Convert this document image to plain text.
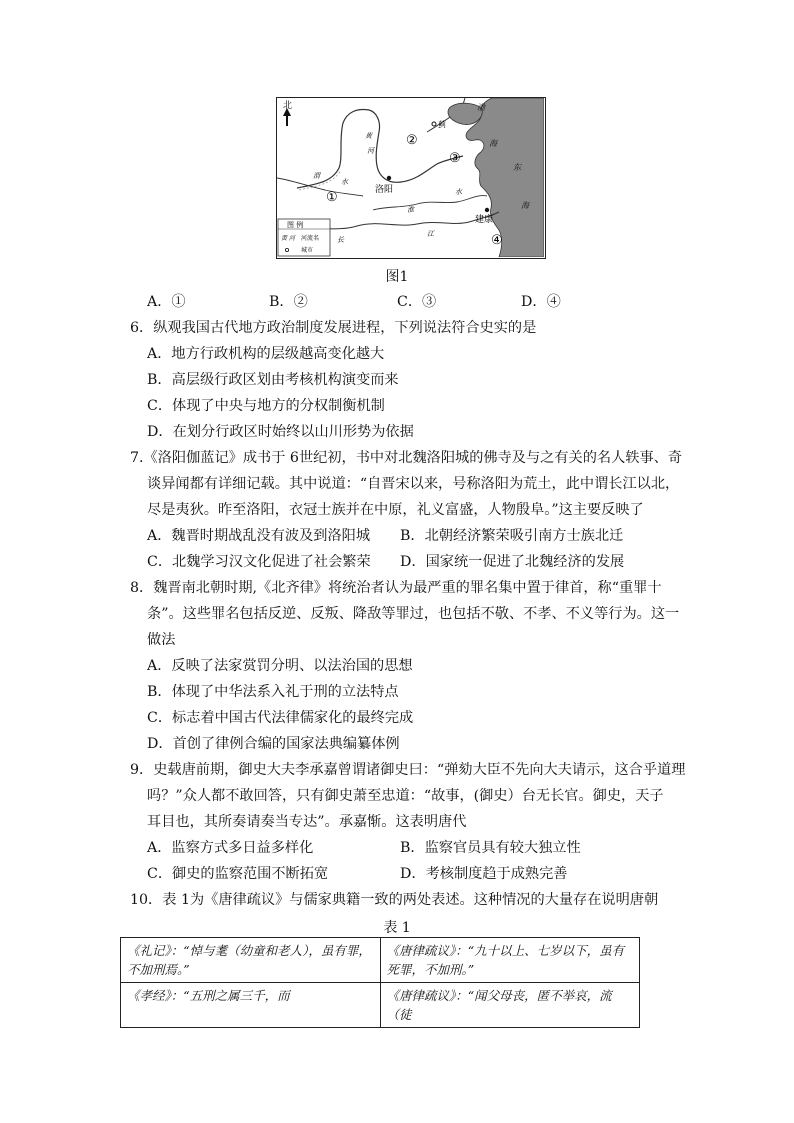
北
蓟
洛阳
建康
黄
河
渭
水
淮
水
长
江
渤
海
东
海
①
②
③
④
图 例
黄 河 河流名
城市
图1
A．①	B．②	C．③	D．④
6．纵观我国古代地方政治制度发展进程，下列说法符合史实的是
A．地方行政机构的层级越高变化越大
B．高层级行政区划由考核机构演变而来
C．体现了中央与地方的分权制衡机制
D．在划分行政区时始终以山川形势为依据
7.《洛阳伽蓝记》成书于 6世纪初，书中对北魏洛阳城的佛寺及与之有关的名人轶事、奇
谈异闻都有详细记载。其中说道：“自晋宋以来，号称洛阳为荒土，此中谓长江以北，
尽是夷狄。昨至洛阳，衣冠士族并在中原，礼义富盛，人物殷阜。”这主要反映了
A．魏晋时期战乱没有波及到洛阳城 B．北朝经济繁荣吸引南方士族北迁
C．北魏学习汉文化促进了社会繁荣 D．国家统一促进了北魏经济的发展
8．魏晋南北朝时期,《北齐律》将统治者认为最严重的罪名集中置于律首，称“重罪十
条”。这些罪名包括反逆、反叛、降敌等罪过，也包括不敬、不孝、不义等行为。这一
做法
A．反映了法家赏罚分明、以法治国的思想
B．体现了中华法系入礼于刑的立法特点
C．标志着中国古代法律儒家化的最终完成
D．首创了律例合编的国家法典编纂体例
9．史载唐前期，御史大夫李承嘉曾谓诸御史曰：“弹劾大臣不先向大夫请示，这合乎道理
吗？”众人都不敢回答，只有御史萧至忠道：“故事，(御史）台无长官。御史，天子
耳目也，其所奏请奏当专达”。承嘉惭。这表明唐代
A．监察方式多日益多样化	B．监察官员具有较大独立性
C．御史的监察范围不断拓宽	D．考核制度趋于成熟完善
10．表 1为《唐律疏议》与儒家典籍一致的两处表述。这种情况的大量存在说明唐朝
表 1
《礼记》：“悼与耄（幼童和老人），虽有罪，不加刑焉。”	《唐律疏议》：“九十以上、七岁以下，虽有死罪，不加刑。”
《孝经》：“五刑之属三千，而	《唐律疏议》：“闻父母丧，匿不举哀，流（徒
